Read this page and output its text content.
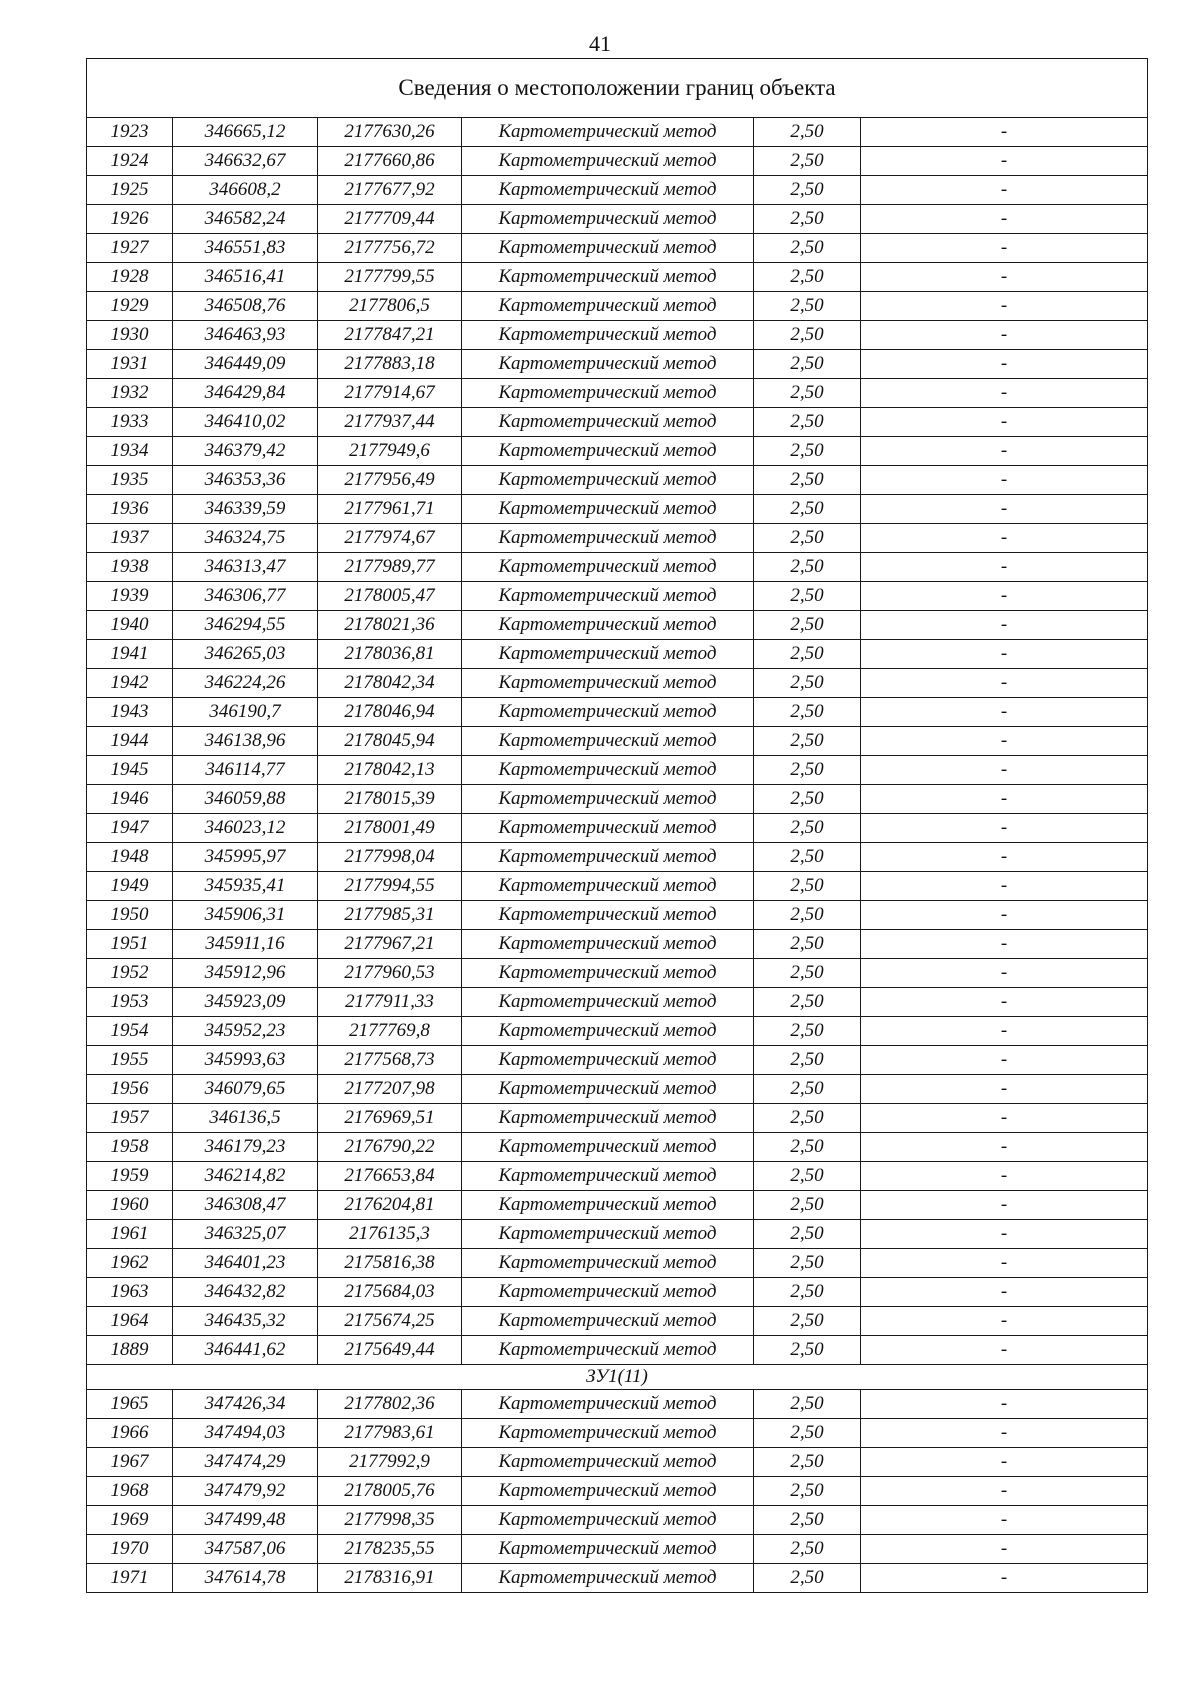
41
Сведения о местоположении границ объекта					
1923	346665,12	2177630,26	Картометрический метод	2,50	-
1924	346632,67	2177660,86	Картометрический метод	2,50	-
1925	346608,2	2177677,92	Картометрический метод	2,50	-
1926	346582,24	2177709,44	Картометрический метод	2,50	-
1927	346551,83	2177756,72	Картометрический метод	2,50	-
1928	346516,41	2177799,55	Картометрический метод	2,50	-
1929	346508,76	2177806,5	Картометрический метод	2,50	-
1930	346463,93	2177847,21	Картометрический метод	2,50	-
1931	346449,09	2177883,18	Картометрический метод	2,50	-
1932	346429,84	2177914,67	Картометрический метод	2,50	-
1933	346410,02	2177937,44	Картометрический метод	2,50	-
1934	346379,42	2177949,6	Картометрический метод	2,50	-
1935	346353,36	2177956,49	Картометрический метод	2,50	-
1936	346339,59	2177961,71	Картометрический метод	2,50	-
1937	346324,75	2177974,67	Картометрический метод	2,50	-
1938	346313,47	2177989,77	Картометрический метод	2,50	-
1939	346306,77	2178005,47	Картометрический метод	2,50	-
1940	346294,55	2178021,36	Картометрический метод	2,50	-
1941	346265,03	2178036,81	Картометрический метод	2,50	-
1942	346224,26	2178042,34	Картометрический метод	2,50	-
1943	346190,7	2178046,94	Картометрический метод	2,50	-
1944	346138,96	2178045,94	Картометрический метод	2,50	-
1945	346114,77	2178042,13	Картометрический метод	2,50	-
1946	346059,88	2178015,39	Картометрический метод	2,50	-
1947	346023,12	2178001,49	Картометрический метод	2,50	-
1948	345995,97	2177998,04	Картометрический метод	2,50	-
1949	345935,41	2177994,55	Картометрический метод	2,50	-
1950	345906,31	2177985,31	Картометрический метод	2,50	-
1951	345911,16	2177967,21	Картометрический метод	2,50	-
1952	345912,96	2177960,53	Картометрический метод	2,50	-
1953	345923,09	2177911,33	Картометрический метод	2,50	-
1954	345952,23	2177769,8	Картометрический метод	2,50	-
1955	345993,63	2177568,73	Картометрический метод	2,50	-
1956	346079,65	2177207,98	Картометрический метод	2,50	-
1957	346136,5	2176969,51	Картометрический метод	2,50	-
1958	346179,23	2176790,22	Картометрический метод	2,50	-
1959	346214,82	2176653,84	Картометрический метод	2,50	-
1960	346308,47	2176204,81	Картометрический метод	2,50	-
1961	346325,07	2176135,3	Картометрический метод	2,50	-
1962	346401,23	2175816,38	Картометрический метод	2,50	-
1963	346432,82	2175684,03	Картометрический метод	2,50	-
1964	346435,32	2175674,25	Картометрический метод	2,50	-
1889	346441,62	2175649,44	Картометрический метод	2,50	-
ЗУ1(11)					
1965	347426,34	2177802,36	Картометрический метод	2,50	-
1966	347494,03	2177983,61	Картометрический метод	2,50	-
1967	347474,29	2177992,9	Картометрический метод	2,50	-
1968	347479,92	2178005,76	Картометрический метод	2,50	-
1969	347499,48	2177998,35	Картометрический метод	2,50	-
1970	347587,06	2178235,55	Картометрический метод	2,50	-
1971	347614,78	2178316,91	Картометрический метод	2,50	-
